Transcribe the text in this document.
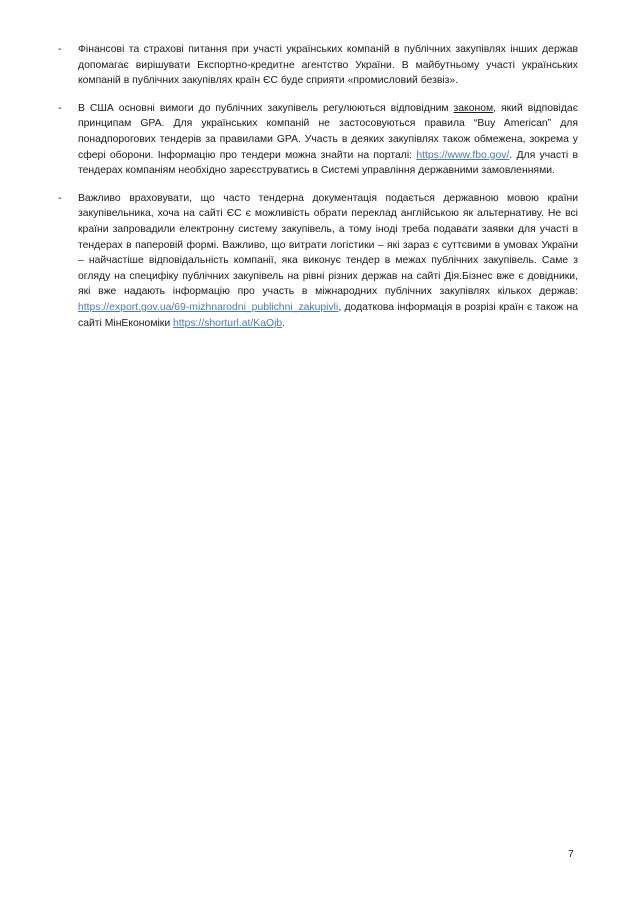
- Фінансові та страхові питання при участі українських компаній в публічних закупівлях інших держав допомагає вирішувати Експортно-кредитне агентство України. В майбутньому участі українських компаній в публічних закупівлях країн ЄС буде сприяти «промисловий безвіз».
- В США основні вимоги до публічних закупівель регулюються відповідним законом, який відповідає принципам GPA. Для українських компаній не застосовуються правила “Buy American” для понадпорогових тендерів за правилами GPA. Участь в деяких закупівлях також обмежена, зокрема у сфері оборони. Інформацію про тендери можна знайти на порталі: https://www.fbo.gov/. Для участі в тендерах компаніям необхідно зареєструватись в Системі управління державними замовленнями.
- Важливо враховувати, що часто тендерна документація подається державною мовою країни закупівельника, хоча на сайті ЄС є можливість обрати переклад англійською як альтернативу. Не всі країни запровадили електронну систему закупівель, а тому іноді треба подавати заявки для участі в тендерах в паперовій формі. Важливо, що витрати логістики – які зараз є суттєвими в умовах України – найчастіше відповідальність компанії, яка виконує тендер в межах публічних закупівель. Саме з огляду на специфіку публічних закупівель на рівні різних держав на сайті Дія.Бізнес вже є довідники, які вже надають інформацію про участь в міжнародних публічних закупівлях кількох держав: https://export.gov.ua/69-mizhnarodni_publichni_zakupivli, додаткова інформація в розрізі країн є також на сайті МінЕкономіки https://shorturl.at/KaOjb.
7
